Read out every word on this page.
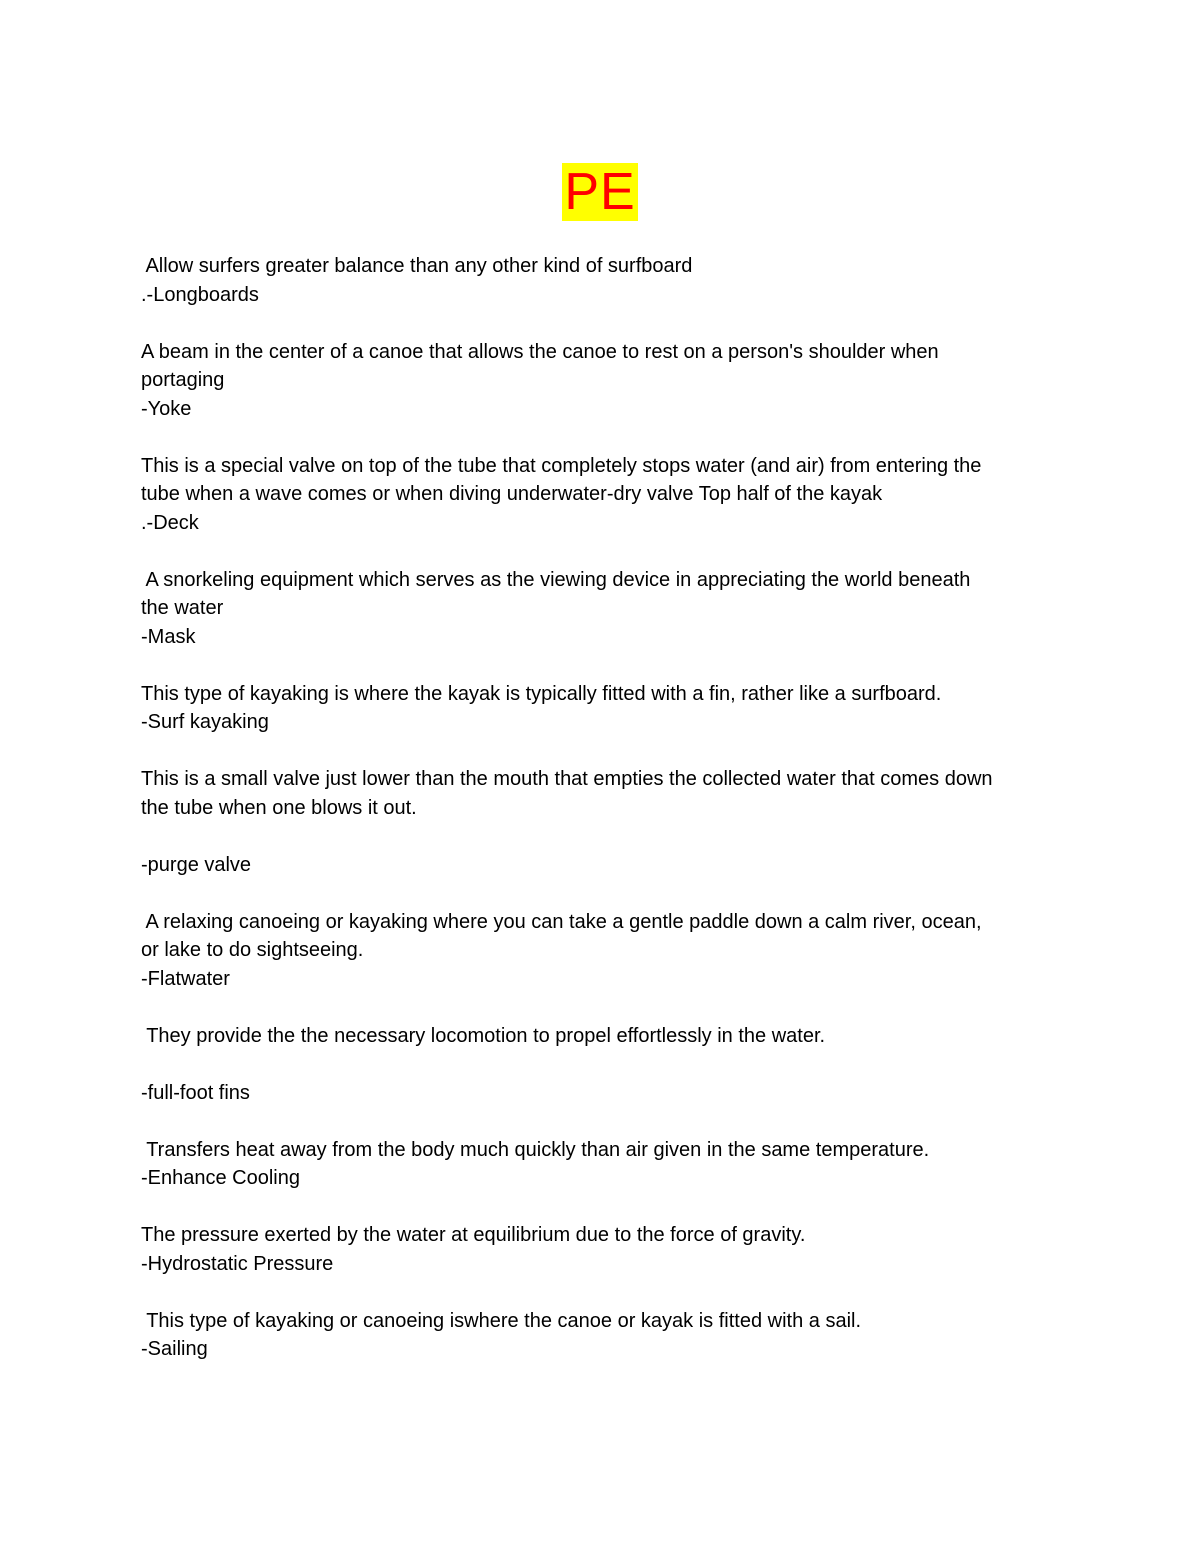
PE
Allow surfers greater balance than any other kind of surfboard
.-Longboards
A beam in the center of a canoe that allows the canoe to rest on a person's shoulder when
portaging
-Yoke
This is a special valve on top of the tube that completely stops water (and air) from entering the
tube when a wave comes or when diving underwater-dry valve Top half of the kayak
.-Deck
A snorkeling equipment which serves as the viewing device in appreciating the world beneath
the water
-Mask
This type of kayaking is where the kayak is typically fitted with a fin, rather like a surfboard.
-Surf kayaking
This is a small valve just lower than the mouth that empties the collected water that comes down
the tube when one blows it out.
-purge valve
A relaxing canoeing or kayaking where you can take a gentle paddle down a calm river, ocean,
or lake to do sightseeing.
-Flatwater
They provide the the necessary locomotion to propel effortlessly in the water.
-full-foot fins
Transfers heat away from the body much quickly than air given in the same temperature.
-Enhance Cooling
The pressure exerted by the water at equilibrium due to the force of gravity.
-Hydrostatic Pressure
This type of kayaking or canoeing iswhere the canoe or kayak is fitted with a sail.
-Sailing
